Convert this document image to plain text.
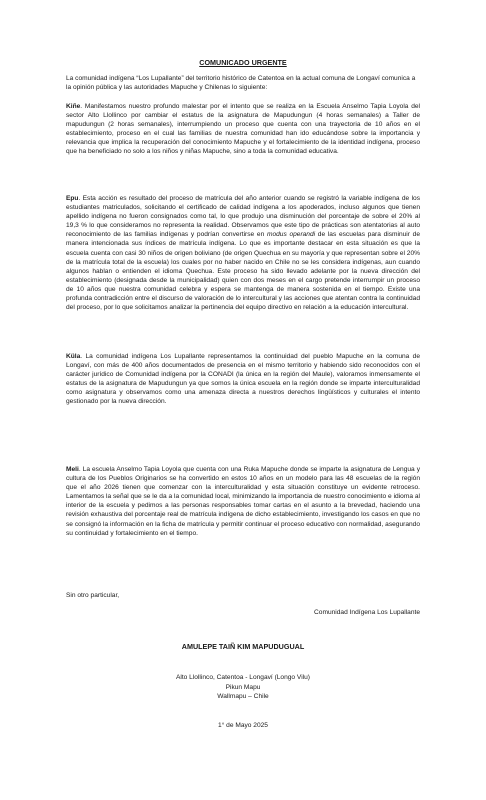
COMUNICADO URGENTE

La comunidad indígena “Los Lupallante” del territorio histórico de Catentoa en la actual comuna de Longaví comunica a la opinión pública y las autoridades Mapuche y Chilenas lo siguiente:

Kiñe. Manifestamos nuestro profundo malestar por el intento que se realiza en la Escuela Anselmo Tapia Loyola del sector Alto Llollinco por cambiar el estatus de la asignatura de Mapudungun (4 horas semanales) a Taller de mapudungun (2 horas semanales), interrumpiendo un proceso que cuenta con una trayectoria de 10 años en el establecimiento, proceso en el cual las familias de nuestra comunidad han ido educándose sobre la importancia y relevancia que implica la recuperación del conocimiento Mapuche y el fortalecimiento de la identidad indígena, proceso que ha beneficiado no solo a los niños y niñas Mapuche, sino a toda la comunidad educativa.

Epu. Esta acción es resultado del proceso de matrícula del año anterior cuando se registró la variable indígena de los estudiantes matriculados, solicitando el certificado de calidad indígena a los apoderados, incluso algunos que tienen apellido indígena no fueron consignados como tal, lo que produjo una disminución del porcentaje de sobre el 20% al 19,3 % lo que consideramos no representa la realidad. Observamos que este tipo de prácticas son atentatorias al auto reconocimiento de las familias indígenas y podrían convertirse en modus operandi de las escuelas para disminuir de manera intencionada sus índices de matrícula indígena. Lo que es importante destacar en esta situación es que la escuela cuenta con casi 30 niños de origen boliviano (de origen Quechua en su mayoría y que representan sobre el 20% de la matrícula total de la escuela) los cuales por no haber nacido en Chile no se les considera indígenas, aun cuando algunos hablan o entienden el idioma Quechua. Este proceso ha sido llevado adelante por la nueva dirección del establecimiento (designada desde la municipalidad) quien con dos meses en el cargo pretende interrumpir un proceso de 10 años que nuestra comunidad celebra y espera se mantenga de manera sostenida en el tiempo. Existe una profunda contradicción entre el discurso de valoración de lo intercultural y las acciones que atentan contra la continuidad del proceso, por lo que solicitamos analizar la pertinencia del equipo directivo en relación a la educación intercultural.

Küla. La comunidad indígena Los Lupallante representamos la continuidad del pueblo Mapuche en la comuna de Longaví, con más de 400 años documentados de presencia en el mismo territorio y habiendo sido reconocidos con el carácter jurídico de Comunidad indígena por la CONADI (la única en la región del Maule), valoramos inmensamente el estatus de la asignatura de Mapudungun ya que somos la única escuela en la región donde se imparte interculturalidad como asignatura y observamos como una amenaza directa a nuestros derechos lingüísticos y culturales el intento gestionado por la nueva dirección.

Meli. La escuela Anselmo Tapia Loyola que cuenta con una Ruka Mapuche donde se imparte la asignatura de Lengua y cultura de los Pueblos Originarios se ha convertido en estos 10 años en un modelo para las 48 escuelas de la región que el año 2026 tienen que comenzar con la interculturalidad y esta situación constituye un evidente retroceso. Lamentamos la señal que se le da a la comunidad local, minimizando la importancia de nuestro conocimiento e idioma al interior de la escuela y pedimos a las personas responsables tomar cartas en el asunto a la brevedad, haciendo una revisión exhaustiva del porcentaje real de matrícula indígena de dicho establecimiento, investigando los casos en que no se consignó la información en la ficha de matrícula y permitir continuar el proceso educativo con normalidad, asegurando su continuidad y fortalecimiento en el tiempo.

Sin otro particular,
Comunidad Indígena Los Lupallante
AMULEPE TAIÑ KIM MAPUDUGUAL
Alto Llollinco, Catentoa - Longaví (Longo Vilu)
Pikun Mapu
Wallmapu – Chile
1° de Mayo 2025
